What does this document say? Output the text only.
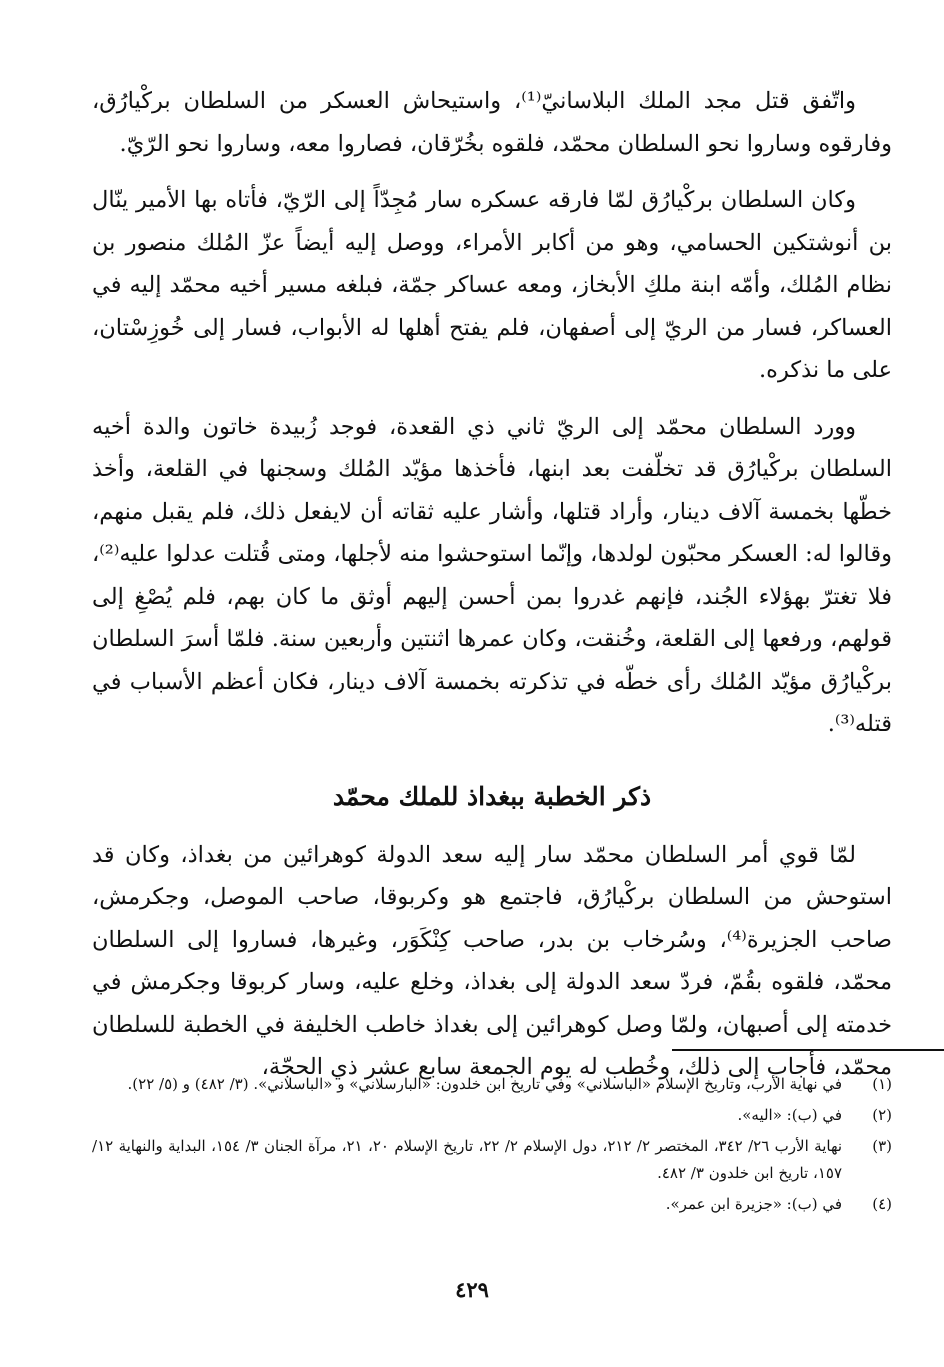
واتّفق قتل مجد الملك البلاسانيّ⁽¹⁾، واستيحاش العسكر من السلطان بركْيارُق، وفارقوه وساروا نحو السلطان محمّد، فلقوه بخُرّقان، فصاروا معه، وساروا نحو الرّيّ.

وكان السلطان بركْيارُق لمّا فارقه عسكره سار مُجِدّاً إلى الرّيّ، فأتاه بها الأمير ينّال بن أنوشتكين الحسامي، وهو من أكابر الأمراء، ووصل إليه أيضاً عزّ المُلك منصور بن نظام المُلك، وأمّه ابنة ملكِ الأبخاز، ومعه عساكر جمّة، فبلغه مسير أخيه محمّد إليه في العساكر، فسار من الريّ إلى أصفهان، فلم يفتح أهلها له الأبواب، فسار إلى خُوزِسْتان، على ما نذكره.

وورد السلطان محمّد إلى الريّ ثاني ذي القعدة، فوجد زُبيدة خاتون والدة أخيه السلطان بركْيارُق قد تخلّفت بعد ابنها، فأخذها مؤيّد المُلك وسجنها في القلعة، وأخذ خطّها بخمسة آلاف دينار، وأراد قتلها، وأشار عليه ثقاته أن لايفعل ذلك، فلم يقبل منهم، وقالوا له: العسكر محبّون لولدها، وإنّما استوحشوا منه لأجلها، ومتى قُتلت عدلوا عليه⁽²⁾، فلا تغترّ بهؤلاء الجُند، فإنهم غدروا بمن أحسن إليهم أوثق ما كان بهم، فلم يُصْغِ إلى قولهم، ورفعها إلى القلعة، وخُنقت، وكان عمرها اثنتين وأربعين سنة. فلمّا أسرَ السلطان بركْيارُق مؤيّد المُلك رأى خطّه في تذكرته بخمسة آلاف دينار، فكان أعظم الأسباب في قتله⁽³⁾.

ذكر الخطبة ببغداذ للملك محمّد

لمّا قوي أمر السلطان محمّد سار إليه سعد الدولة كوهرائين من بغداذ، وكان قد استوحش من السلطان بركْيارُق، فاجتمع هو وكربوقا، صاحب الموصل، وجكرمش، صاحب الجزيرة⁽⁴⁾، وسُرخاب بن بدر، صاحب كِنْكَوَر، وغيرها، فساروا إلى السلطان محمّد، فلقوه بقُمّ، فردّ سعد الدولة إلى بغداذ، وخلع عليه، وسار كربوقا وجكرمش في خدمته إلى أصبهان، ولمّا وصل كوهرائين إلى بغداذ خاطب الخليفة في الخطبة للسلطان محمّد، فأجاب إلى ذلك، و‌خُطب له يوم الجمعة سابع عشر ذي الحجّة،

(١)
في نهاية الأرب، وتاريخ الإسلام «الباسلاني» وفي تاريخ ابن خلدون: «البارسلاني» و «الباسلاني». (٣/ ٤٨٢) و (٥/ ٢٢).
(٢)
في (ب): «اليه».
(٣)
نهاية الأرب ٢٦/ ٣٤٢، المختصر ٢/ ٢١٢، دول الإسلام ٢/ ٢٢، تاريخ الإسلام ٢٠، ٢١، مرآة الجنان ٣/ ١٥٤، البداية والنهاية ١٢/ ١٥٧، تاريخ ابن خلدون ٣/ ٤٨٢.
(٤)
في (ب): «جزيرة ابن عمر».
٤٢٩
